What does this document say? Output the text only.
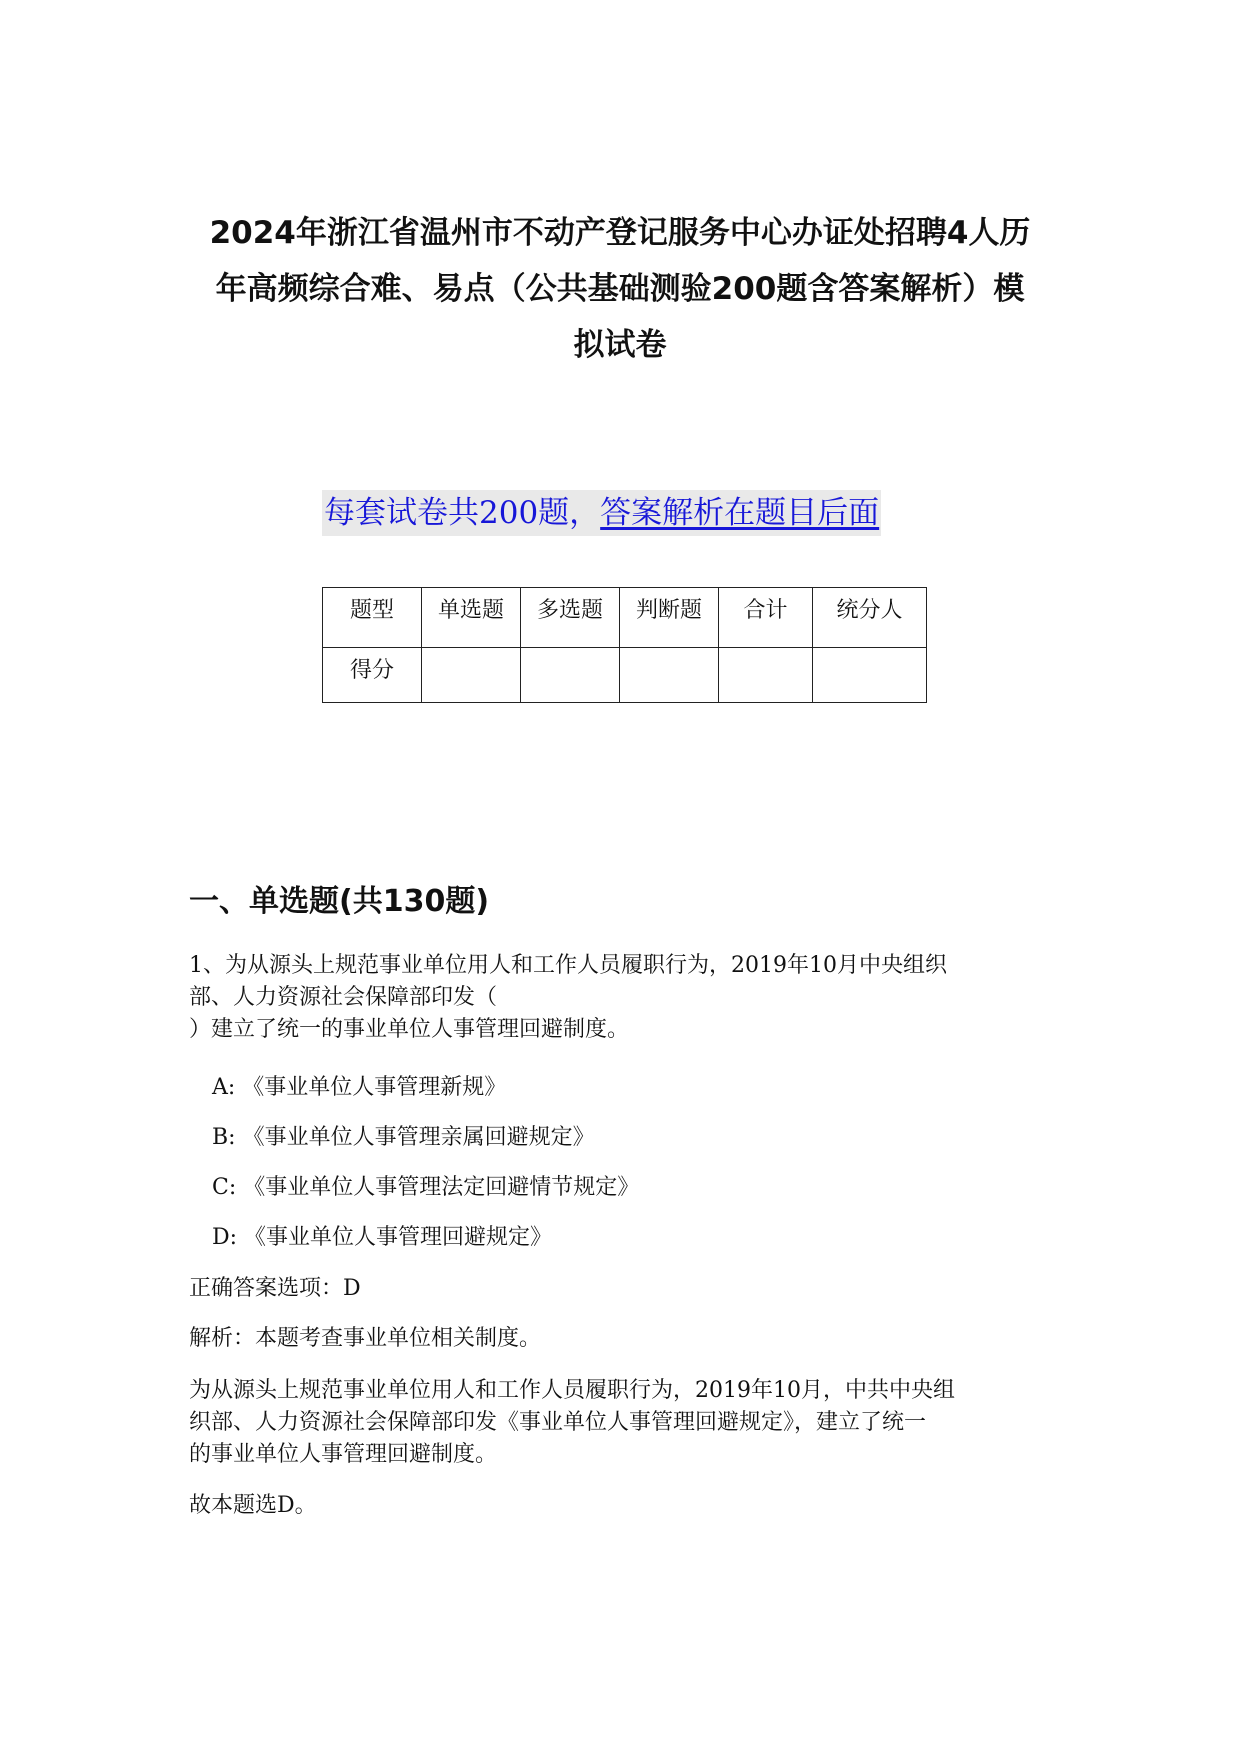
2024年浙江省温州市不动产登记服务中心办证处招聘4人历
年高频综合难、易点（公共基础测验200题含答案解析）模
拟试卷
每套试卷共200题，答案解析在题目后面
题型	单选题	多选题	判断题	合计	统分人
得分					
一、单选题(共130题)

1、为从源头上规范事业单位用人和工作人员履职行为，2019年10月中央组织
部、人力资源社会保障部印发（
）建立了统一的事业单位人事管理回避制度。

A: 《事业单位人事管理新规》
B: 《事业单位人事管理亲属回避规定》
C: 《事业单位人事管理法定回避情节规定》
D: 《事业单位人事管理回避规定》
正确答案选项：D
解析：本题考查事业单位相关制度。

为从源头上规范事业单位用人和工作人员履职行为，2019年10月，中共中央组
织部、人力资源社会保障部印发《事业单位人事管理回避规定》，建立了统一
的事业单位人事管理回避制度。

故本题选D。
